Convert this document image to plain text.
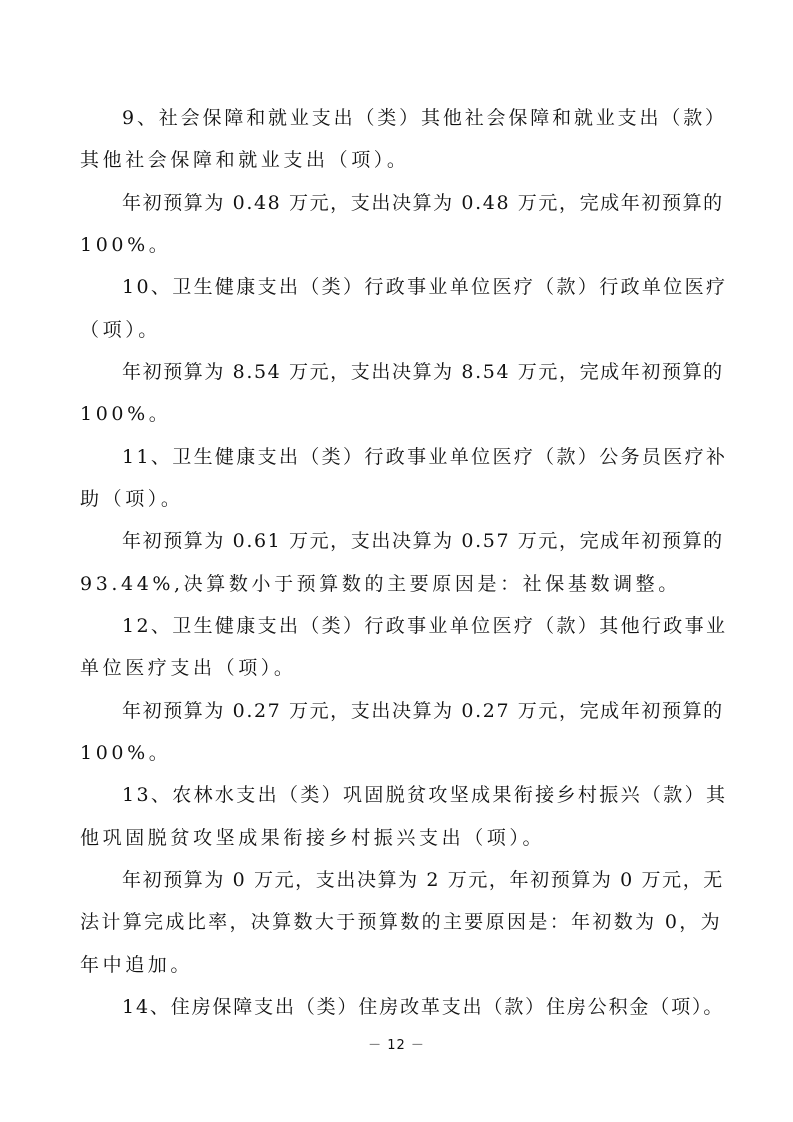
9、社会保障和就业支出（类）其他社会保障和就业支出（款）
其他社会保障和就业支出（项）。
年初预算为 0.48 万元，支出决算为 0.48 万元，完成年初预算的
100%。
10、卫生健康支出（类）行政事业单位医疗（款）行政单位医疗
（项）。
年初预算为 8.54 万元，支出决算为 8.54 万元，完成年初预算的
100%。
11、卫生健康支出（类）行政事业单位医疗（款）公务员医疗补
助（项）。
年初预算为 0.61 万元，支出决算为 0.57 万元，完成年初预算的
93.44%,决算数小于预算数的主要原因是：社保基数调整。
12、卫生健康支出（类）行政事业单位医疗（款）其他行政事业
单位医疗支出（项）。
年初预算为 0.27 万元，支出决算为 0.27 万元，完成年初预算的
100%。
13、农林水支出（类）巩固脱贫攻坚成果衔接乡村振兴（款）其
他巩固脱贫攻坚成果衔接乡村振兴支出（项）。
年初预算为 0 万元，支出决算为 2 万元，年初预算为 0 万元，无
法计算完成比率，决算数大于预算数的主要原因是：年初数为 0，为
年中追加。
14、住房保障支出（类）住房改革支出（款）住房公积金（项）。
－ 12 －
